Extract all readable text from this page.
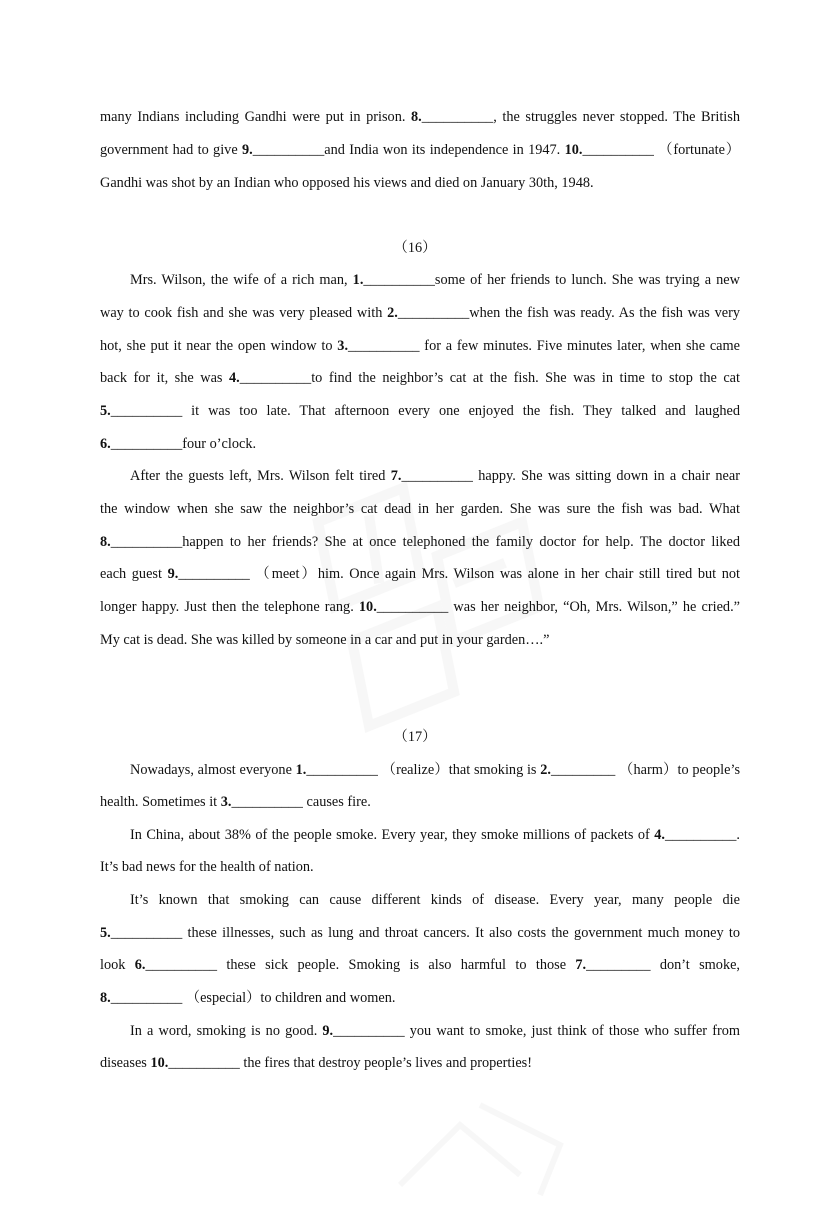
many Indians including Gandhi were put in prison. 8.__________, the struggles never stopped. The British
government had to give 9.__________and India won its independence in 1947. 10.__________ （fortunate）
Gandhi was shot by an Indian who opposed his views and died on January 30th, 1948.
（16）
Mrs. Wilson, the wife of a rich man, 1.__________some of her friends to lunch. She was trying a new
way to cook fish and she was very pleased with 2.__________when the fish was ready. As the fish was very
hot, she put it near the open window to 3.__________ for a few minutes. Five minutes later, when she came
back for it, she was 4.__________to find the neighbor’s cat at the fish. She was in time to stop the cat
5.__________ it was too late. That afternoon every one enjoyed the fish. They talked and laughed
6.__________four o’clock.
After the guests left, Mrs. Wilson felt tired 7.__________ happy. She was sitting down in a chair near
the window when she saw the neighbor’s cat dead in her garden. She was sure the fish was bad. What
8.__________happen to her friends? She at once telephoned the family doctor for help. The doctor liked
each guest 9.__________ （meet）him. Once again Mrs. Wilson was alone in her chair still tired but not
longer happy. Just then the telephone rang. 10.__________ was her neighbor, “Oh, Mrs. Wilson,” he cried.”
My cat is dead. She was killed by someone in a car and put in your garden….”
（17）
Nowadays, almost everyone 1.__________ （realize）that smoking is 2._________ （harm）to people’s
health. Sometimes it 3.__________ causes fire.
In China, about 38% of the people smoke. Every year, they smoke millions of packets of 4.__________.
It’s bad news for the health of nation.
It’s known that smoking can cause different kinds of disease. Every year, many people die
5.__________ these illnesses, such as lung and throat cancers. It also costs the government much money to
look 6.__________ these sick people. Smoking is also harmful to those 7._________ don’t smoke,
8.__________ （especial）to children and women.
In a word, smoking is no good. 9.__________ you want to smoke, just think of those who suffer from
diseases 10.__________ the fires that destroy people’s lives and properties!
